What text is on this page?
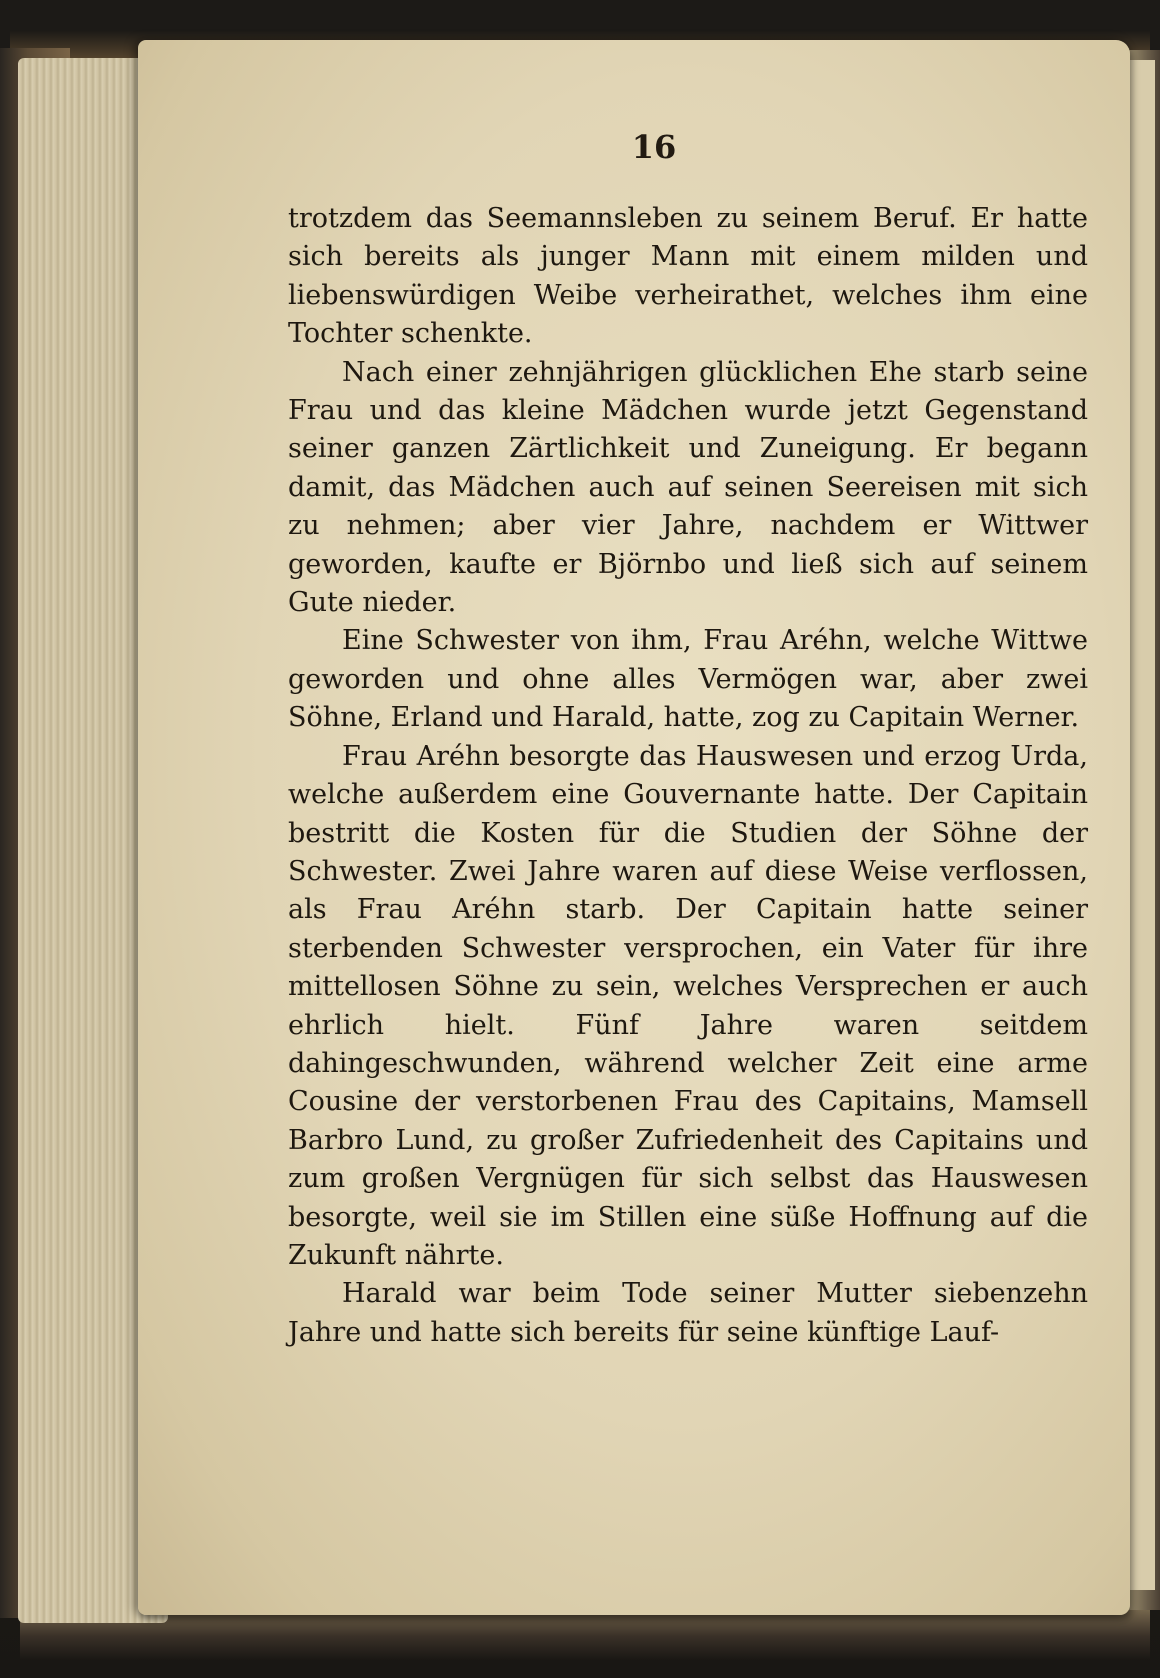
16

trotzdem das Seemannsleben zu seinem Beruf. Er hatte sich bereits als junger Mann mit einem milden und liebenswürdigen Weibe verheirathet, welches ihm eine Tochter schenkte.

Nach einer zehnjährigen glücklichen Ehe starb seine Frau und das kleine Mädchen wurde jetzt Gegenstand seiner ganzen Zärtlichkeit und Zuneigung. Er begann damit, das Mädchen auch auf seinen Seereisen mit sich zu nehmen; aber vier Jahre, nachdem er Wittwer geworden, kaufte er Björnbo und ließ sich auf seinem Gute nieder.

Eine Schwester von ihm, Frau Aréhn, welche Wittwe geworden und ohne alles Vermögen war, aber zwei Söhne, Erland und Harald, hatte, zog zu Capitain Werner.

Frau Aréhn besorgte das Hauswesen und erzog Urda, welche außerdem eine Gouvernante hatte. Der Capitain bestritt die Kosten für die Studien der Söhne der Schwester. Zwei Jahre waren auf diese Weise verflossen, als Frau Aréhn starb. Der Capitain hatte seiner sterbenden Schwester versprochen, ein Vater für ihre mittellosen Söhne zu sein, welches Versprechen er auch ehrlich hielt. Fünf Jahre waren seitdem dahingeschwunden, während welcher Zeit eine arme Cousine der verstorbenen Frau des Capitains, Mamsell Barbro Lund, zu großer Zufriedenheit des Capitains und zum großen Vergnügen für sich selbst das Hauswesen besorgte, weil sie im Stillen eine süße Hoffnung auf die Zukunft nährte.

Harald war beim Tode seiner Mutter siebenzehn Jahre und hatte sich bereits für seine künftige Lauf-
